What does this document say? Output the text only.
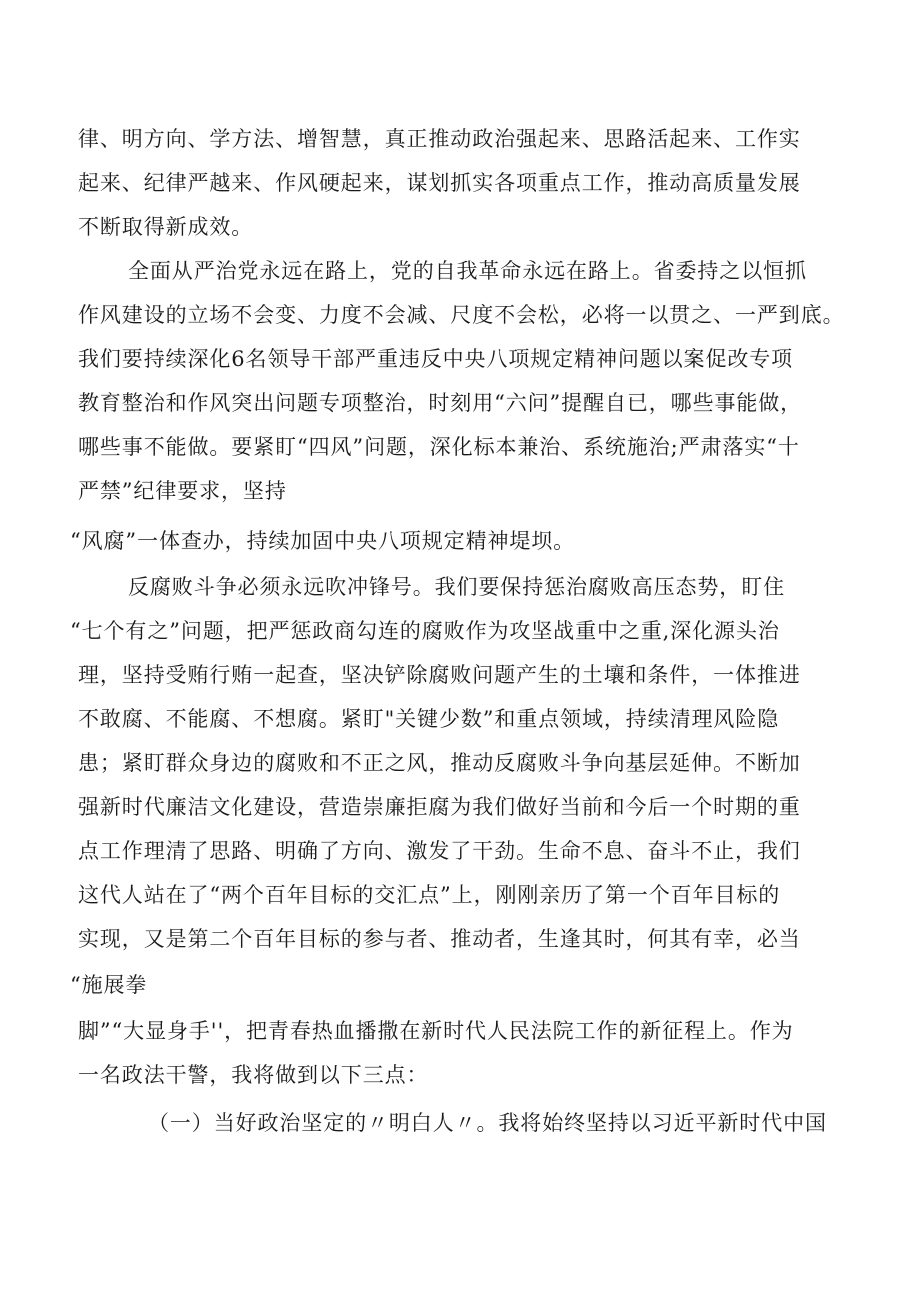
律、明方向、学方法、增智慧，真正推动政治强起来、思路活起来、工作实
起来、纪律严越来、作风硬起来，谋划抓实各项重点工作，推动高质量发展
不断取得新成效。
全面从严治党永远在路上，党的自我革命永远在路上。省委持之以恒抓
作风建设的立场不会变、力度不会减、尺度不会松，必将一以贯之、一严到底。
我们要持续深化6名领导干部严重违反中央八项规定精神问题以案促改专项
教育整治和作风突出问题专项整治，时刻用“六问”提醒自已，哪些事能做，
哪些事不能做。要紧盯“四风”问题，深化标本兼治、系统施治;严肃落实“十
严禁”纪律要求，坚持
“风腐”一体查办，持续加固中央八项规定精神堤坝。
反腐败斗争必须永远吹冲锋号。我们要保持惩治腐败高压态势，盯住
“七个有之”问题，把严惩政商勾连的腐败作为攻坚战重中之重,深化源头治
理，坚持受贿行贿一起查，坚决铲除腐败问题产生的土壤和条件，一体推进
不敢腐、不能腐、不想腐。紧盯"关键少数”和重点领域，持续清理风险隐
患；紧盯群众身边的腐败和不正之风，推动反腐败斗争向基层延伸。不断加
强新时代廉洁文化建设，营造崇廉拒腐为我们做好当前和今后一个时期的重
点工作理清了思路、明确了方向、激发了干劲。生命不息、奋斗不止，我们
这代人站在了“两个百年目标的交汇点”上，刚刚亲历了第一个百年目标的
实现，又是第二个百年目标的参与者、推动者，生逢其时，何其有幸，必当
“施展拳
脚”“大显身手''，把青春热血播撒在新时代人民法院工作的新征程上。作为
一名政法干警，我将做到以下三点：
（一）当好政治坚定的〃明白人〃。我将始终坚持以习近平新时代中国
